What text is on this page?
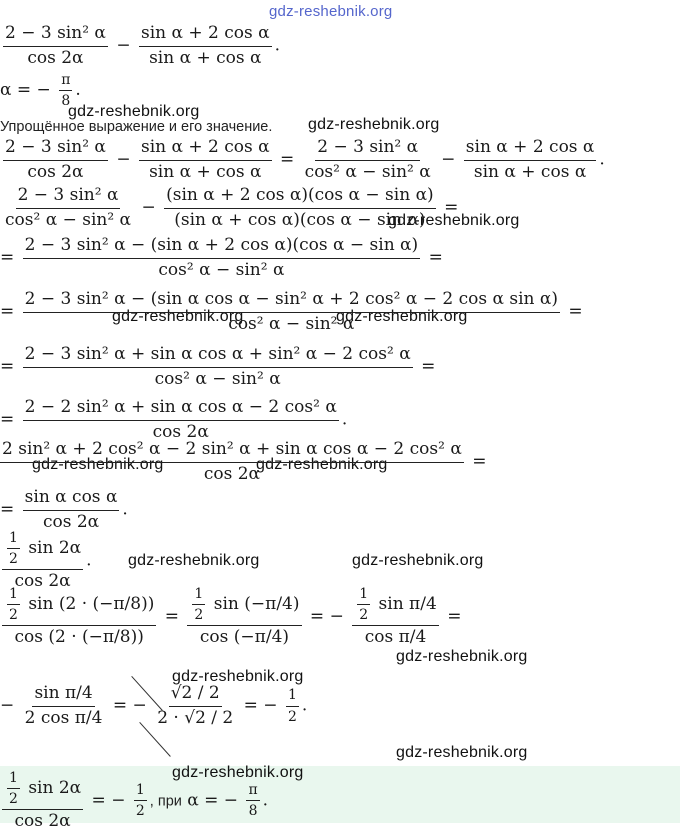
gdz-reshebnik.org
gdz-reshebnik.org
gdz-reshebnik.org
gdz-reshebnik.org
gdz-reshebnik.org	gdz-reshebnik.org
gdz-reshebnik.org	gdz-reshebnik.org
gdz-reshebnik.org	gdz-reshebnik.org
gdz-reshebnik.org
gdz-reshebnik.org
gdz-reshebnik.org
gdz-reshebnik.org
$\frac{\text{2 − 3 sin² α}}{\cos 2\alpha} - \frac{\text{sin α + 2 cos α}}{\text{sin α + cos α}}$ .
α = − $\frac{\pi}{8}$ .
Упрощённое выражение и его значение.
$\frac{\text{2 − 3 sin² α}}{\cos 2\alpha} - \frac{\text{sin α + 2 cos α}}{\text{sin α + cos α}} = \frac{\text{2 − 3 sin² α}}{\text{cos² α − sin² α}} - \frac{\text{sin α + 2 cos α}}{\text{sin α + cos α}}$ .
$\frac{\text{2 − 3 sin² α}}{\text{cos² α − sin² α}} - \frac{\text{(sin α + 2 cos α)(cos α − sin α)}}{\text{(sin α + cos α)(cos α − sin α)}}$ =
= $\frac{\text{2 − 3 sin² α − (sin α + 2 cos α)(cos α − sin α)}}{\text{cos² α − sin² α}}$ =
=
2 − 3 sin² α − (sin α cos α − sin² α + 2 cos² α − 2 cos α sin α)
cos² α − sin² α
=
= $\frac{\text{2 − 3 sin² α + sin α cos α + sin² α − 2 cos² α}}{\text{cos² α − sin² α}}$ =
= $\frac{\text{2 − 2 sin² α + sin α cos α − 2 cos² α}}{\cos 2\alpha}$ .
$\frac{\text{2 sin² α + 2 cos² α − 2 sin² α + sin α cos α − 2 cos² α}}{\cos 2\alpha}$ =
= $\frac{\text{sin α cos α}}{\cos 2\alpha}$ .
$\frac{\frac{1}{2} \sin 2\alpha}{\cos 2\alpha}$ .
$\frac{\frac{1}{2} \sin (2 \cdot (-\pi/8))}{\cos (2 \cdot (-\pi/8))} = \frac{\frac{1}{2} \sin (-\pi/4)}{\cos (-\pi/4)}$ = − $\frac{\frac{1}{2} \sin \pi/4}{\text{cos π/4}}$ =
− $\frac{\text{sin π/4}}{\text{2 cos π/4}}$ = − $\frac{√2 / 2}{2 \cdot √2 / 2}$ = − $\frac{1}{2}$ .
$\frac{\frac{1}{2} \sin 2\alpha}{\cos 2\alpha}$ = − $\frac{1}{2}$ , при α = − $\frac{\pi}{8}$ .
